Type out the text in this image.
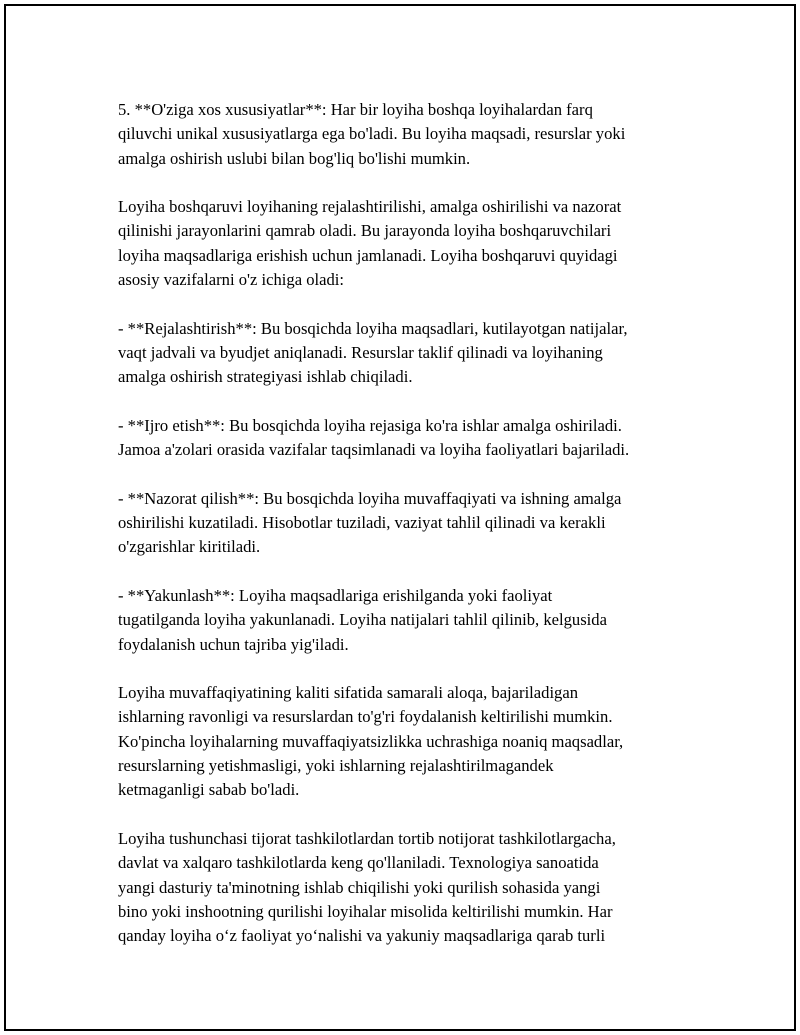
5. **O'ziga xos xususiyatlar**: Har bir loyiha boshqa loyihalardan farq
qiluvchi unikal xususiyatlarga ega bo'ladi. Bu loyiha maqsadi, resurslar yoki
amalga oshirish uslubi bilan bog'liq bo'lishi mumkin.
Loyiha boshqaruvi loyihaning rejalashtirilishi, amalga oshirilishi va nazorat
qilinishi jarayonlarini qamrab oladi. Bu jarayonda loyiha boshqaruvchilari
loyiha maqsadlariga erishish uchun jamlanadi. Loyiha boshqaruvi quyidagi
asosiy vazifalarni o'z ichiga oladi:
- **Rejalashtirish**: Bu bosqichda loyiha maqsadlari, kutilayotgan natijalar,
vaqt jadvali va byudjet aniqlanadi. Resurslar taklif qilinadi va loyihaning
amalga oshirish strategiyasi ishlab chiqiladi.
- **Ijro etish**: Bu bosqichda loyiha rejasiga ko'ra ishlar amalga oshiriladi.
Jamoa a'zolari orasida vazifalar taqsimlanadi va loyiha faoliyatlari bajariladi.
- **Nazorat qilish**: Bu bosqichda loyiha muvaffaqiyati va ishning amalga
oshirilishi kuzatiladi. Hisobotlar tuziladi, vaziyat tahlil qilinadi va kerakli
o'zgarishlar kiritiladi.
- **Yakunlash**: Loyiha maqsadlariga erishilganda yoki faoliyat
tugatilganda loyiha yakunlanadi. Loyiha natijalari tahlil qilinib, kelgusida
foydalanish uchun tajriba yig'iladi.
Loyiha muvaffaqiyatining kaliti sifatida samarali aloqa, bajariladigan
ishlarning ravonligi va resurslardan to'g'ri foydalanish keltirilishi mumkin.
Ko'pincha loyihalarning muvaffaqiyatsizlikka uchrashiga noaniq maqsadlar,
resurslarning yetishmasligi, yoki ishlarning rejalashtirilmagandek
ketmaganligi sabab bo'ladi.
Loyiha tushunchasi tijorat tashkilotlardan tortib notijorat tashkilotlargacha,
davlat va xalqaro tashkilotlarda keng qo'llaniladi. Texnologiya sanoatida
yangi dasturiy ta'minotning ishlab chiqilishi yoki qurilish sohasida yangi
bino yoki inshootning qurilishi loyihalar misolida keltirilishi mumkin. Har
qanday loyiha o‘z faoliyat yo‘nalishi va yakuniy maqsadlariga qarab turli
